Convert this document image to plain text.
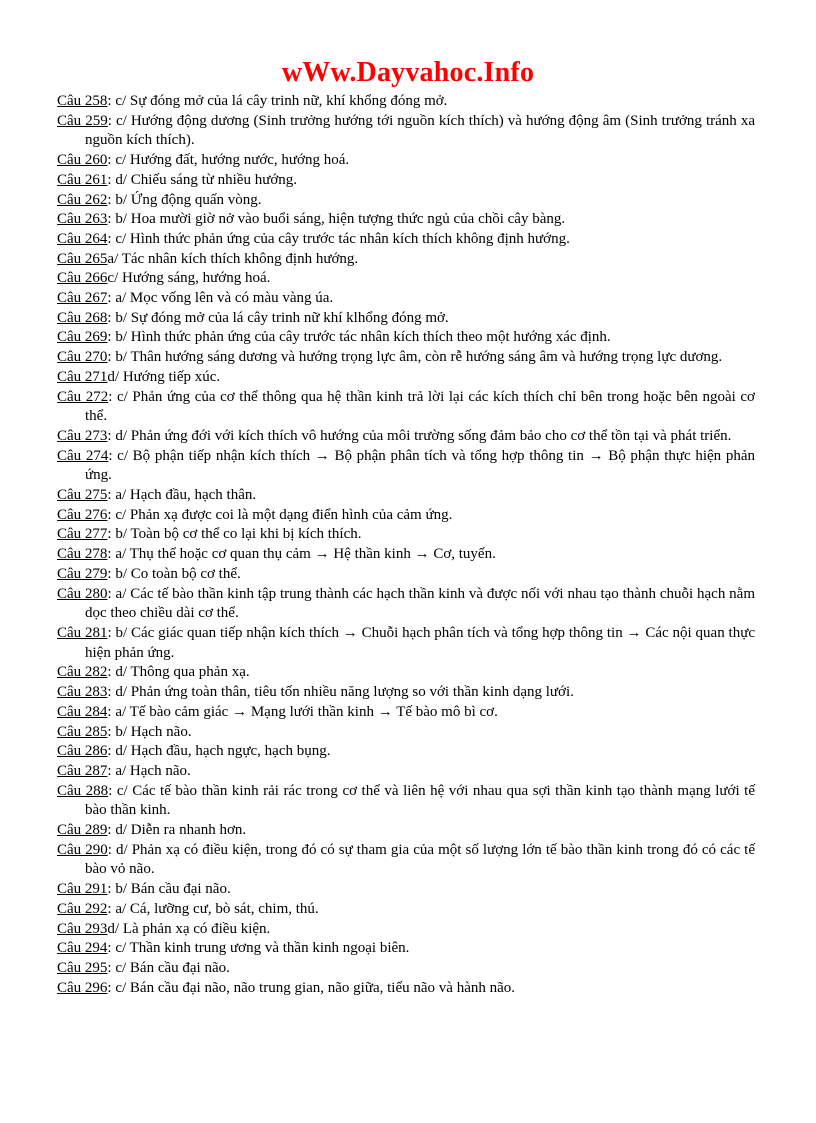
wWw.Dayvahoc.Info

Câu 258: c/ Sự đóng mở của lá cây trinh nữ, khí khổng đóng mở.

Câu 259: c/ Hướng động dương (Sinh trưởng hướng tới nguồn kích thích) và hướng động âm (Sinh trưởng tránh xa nguồn kích thích).

Câu 260: c/ Hướng đất, hướng nước, hướng hoá.

Câu 261: d/ Chiếu sáng từ nhiều hướng.

Câu 262: b/ Ứng động quấn vòng.

Câu 263: b/ Hoa mười giờ nở vào buổi sáng, hiện tượng thức ngủ của chồi cây bàng.

Câu 264: c/ Hình thức phản ứng của cây trước tác nhân kích thích không định hướng.

Câu 265a/ Tác nhân kích thích không định hướng.

Câu 266c/ Hướng sáng, hướng hoá.

Câu 267: a/ Mọc vống lên và có màu vàng úa.

Câu 268: b/ Sự đóng mở của lá cây trinh nữ khí klhổng đóng mở.

Câu 269: b/ Hình thức phản ứng của cây trước tác nhân kích thích theo một hướng xác định.

Câu 270: b/ Thân hướng sáng dương và hướng trọng lực âm, còn rễ hướng sáng âm và hướng trọng lực dương.

Câu 271d/ Hướng tiếp xúc.

Câu 272: c/ Phản ứng của cơ thể thông qua hệ thần kinh trả lời lại các kích thích chỉ bên trong hoặc bên ngoài cơ thể.

Câu 273: d/ Phản ứng đới với kích thích vô hướng của môi trường sống đảm bảo cho cơ thể tồn tại và phát triển.

Câu 274: c/ Bộ phận tiếp nhận kích thích → Bộ phận phân tích và tổng hợp thông tin → Bộ phận thực hiện phản ứng.

Câu 275: a/ Hạch đầu, hạch thân.

Câu 276: c/ Phản xạ được coi là một dạng điển hình của cảm ứng.

Câu 277: b/ Toàn bộ cơ thể co lại khi bị kích thích.

Câu 278: a/ Thụ thể hoặc cơ quan thụ cảm → Hệ thần kinh → Cơ, tuyến.

Câu 279: b/ Co toàn bộ cơ thể.

Câu 280: a/ Các tế bào thần kinh tập trung thành các hạch thần kinh và được nối với nhau tạo thành chuỗi hạch nằm dọc theo chiều dài cơ thể.

Câu 281: b/ Các giác quan tiếp nhận kích thích → Chuỗi hạch phân tích và tổng hợp thông tin → Các nội quan thực hiện phản ứng.

Câu 282: d/ Thông qua phản xạ.

Câu 283: d/ Phản ứng toàn thân, tiêu tốn nhiều năng lượng so với thần kinh dạng lưới.

Câu 284: a/ Tế bào cảm giác → Mạng lưới thần kinh → Tế bào mô bì cơ.

Câu 285: b/ Hạch não.

Câu 286: d/ Hạch đầu, hạch ngực, hạch bụng.

Câu 287: a/ Hạch não.

Câu 288: c/ Các tế bào thần kinh rải rác trong cơ thể và liên hệ với nhau qua sợi thần kinh tạo thành mạng lưới tế bào thần kinh.

Câu 289: d/ Diễn ra nhanh hơn.

Câu 290: d/ Phản xạ có điều kiện, trong đó có sự tham gia của một số lượng lớn tế bào thần kinh trong đó có các tế bào vỏ não.

Câu 291: b/ Bán cầu đại não.

Câu 292: a/ Cá, lưỡng cư, bò sát, chim, thú.

Câu 293d/ Là phản xạ có điều kiện.

Câu 294: c/ Thần kinh trung ương và thần kinh ngoại biên.

Câu 295: c/ Bán cầu đại não.

Câu 296: c/ Bán cầu đại não, não trung gian, não giữa, tiểu não và hành não.
